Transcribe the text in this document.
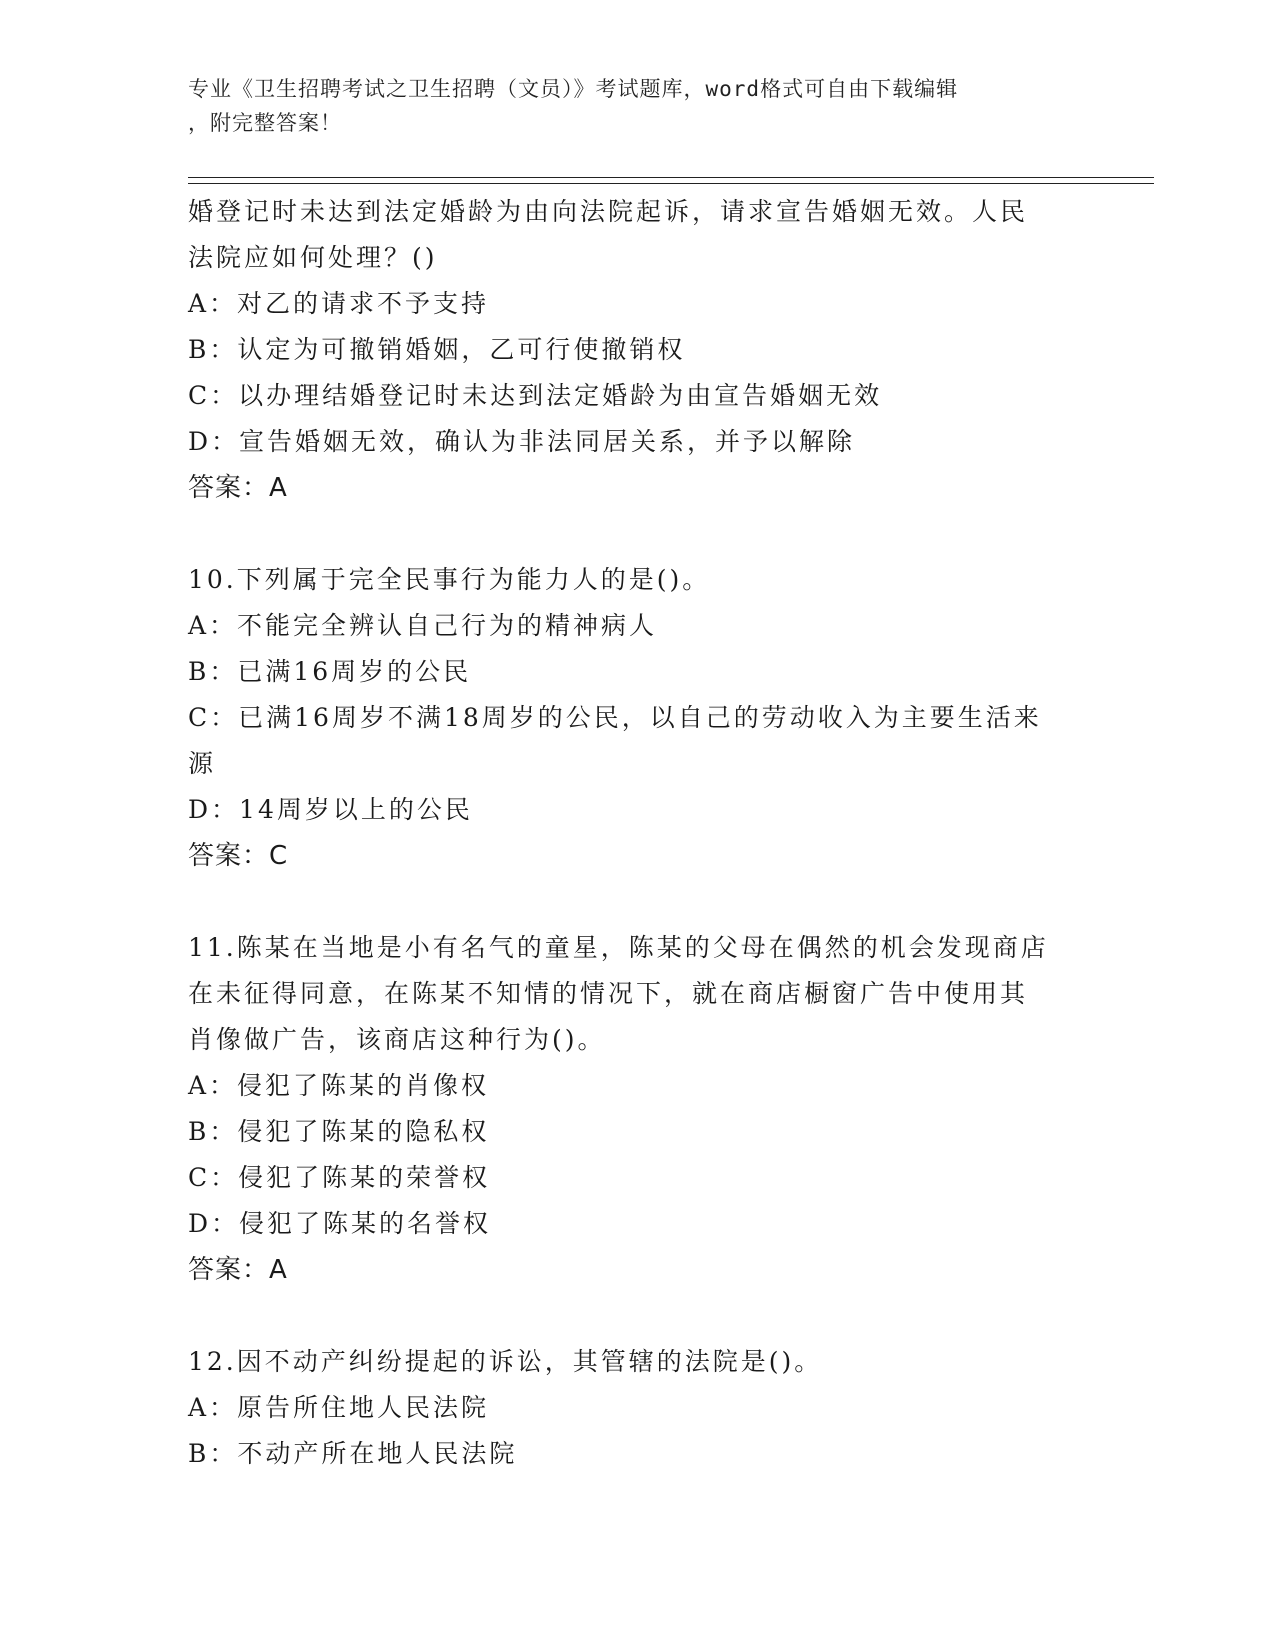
专业《卫生招聘考试之卫生招聘（文员）》考试题库，word格式可自由下载编辑
，附完整答案！
婚登记时未达到法定婚龄为由向法院起诉，请求宣告婚姻无效。人民
法院应如何处理？()
A：对乙的请求不予支持
B：认定为可撤销婚姻，乙可行使撤销权
C：以办理结婚登记时未达到法定婚龄为由宣告婚姻无效
D：宣告婚姻无效，确认为非法同居关系，并予以解除
答案：A
10.下列属于完全民事行为能力人的是()。
A：不能完全辨认自己行为的精神病人
B：已满16周岁的公民
C：已满16周岁不满18周岁的公民，以自己的劳动收入为主要生活来
源
D：14周岁以上的公民
答案：C
11.陈某在当地是小有名气的童星，陈某的父母在偶然的机会发现商店
在未征得同意，在陈某不知情的情况下，就在商店橱窗广告中使用其
肖像做广告，该商店这种行为()。
A：侵犯了陈某的肖像权
B：侵犯了陈某的隐私权
C：侵犯了陈某的荣誉权
D：侵犯了陈某的名誉权
答案：A
12.因不动产纠纷提起的诉讼，其管辖的法院是()。
A：原告所住地人民法院
B：不动产所在地人民法院
